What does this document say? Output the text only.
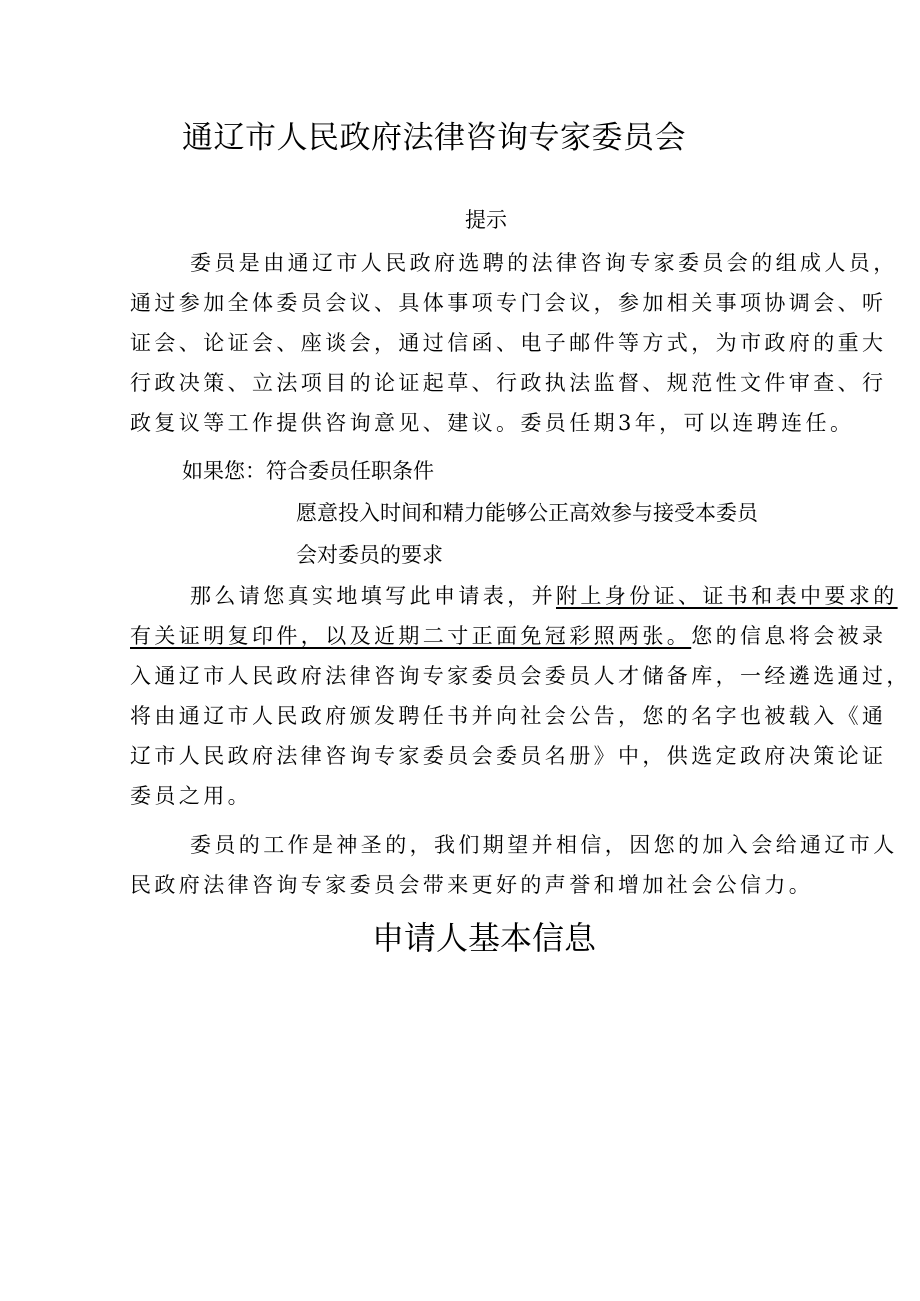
通辽市人民政府法律咨询专家委员会
提示
委员是由通辽市人民政府选聘的法律咨询专家委员会的组成人员，
通过参加全体委员会议、具体事项专门会议，参加相关事项协调会、听
证会、论证会、座谈会，通过信函、电子邮件等方式，为市政府的重大
行政决策、立法项目的论证起草、行政执法监督、规范性文件审查、行
政复议等工作提供咨询意见、建议。委员任期3年，可以连聘连任。
如果您：符合委员任职条件
愿意投入时间和精力能够公正高效参与接受本委员
会对委员的要求
那么请您真实地填写此申请表，并附上身份证、证书和表中要求的
有关证明复印件，以及近期二寸正面免冠彩照两张。您的信息将会被录
入通辽市人民政府法律咨询专家委员会委员人才储备库，一经遴选通过，
将由通辽市人民政府颁发聘任书并向社会公告，您的名字也被载入《通
辽市人民政府法律咨询专家委员会委员名册》中，供选定政府决策论证
委员之用。
委员的工作是神圣的，我们期望并相信，因您的加入会给通辽市人
民政府法律咨询专家委员会带来更好的声誉和增加社会公信力。
申请人基本信息
